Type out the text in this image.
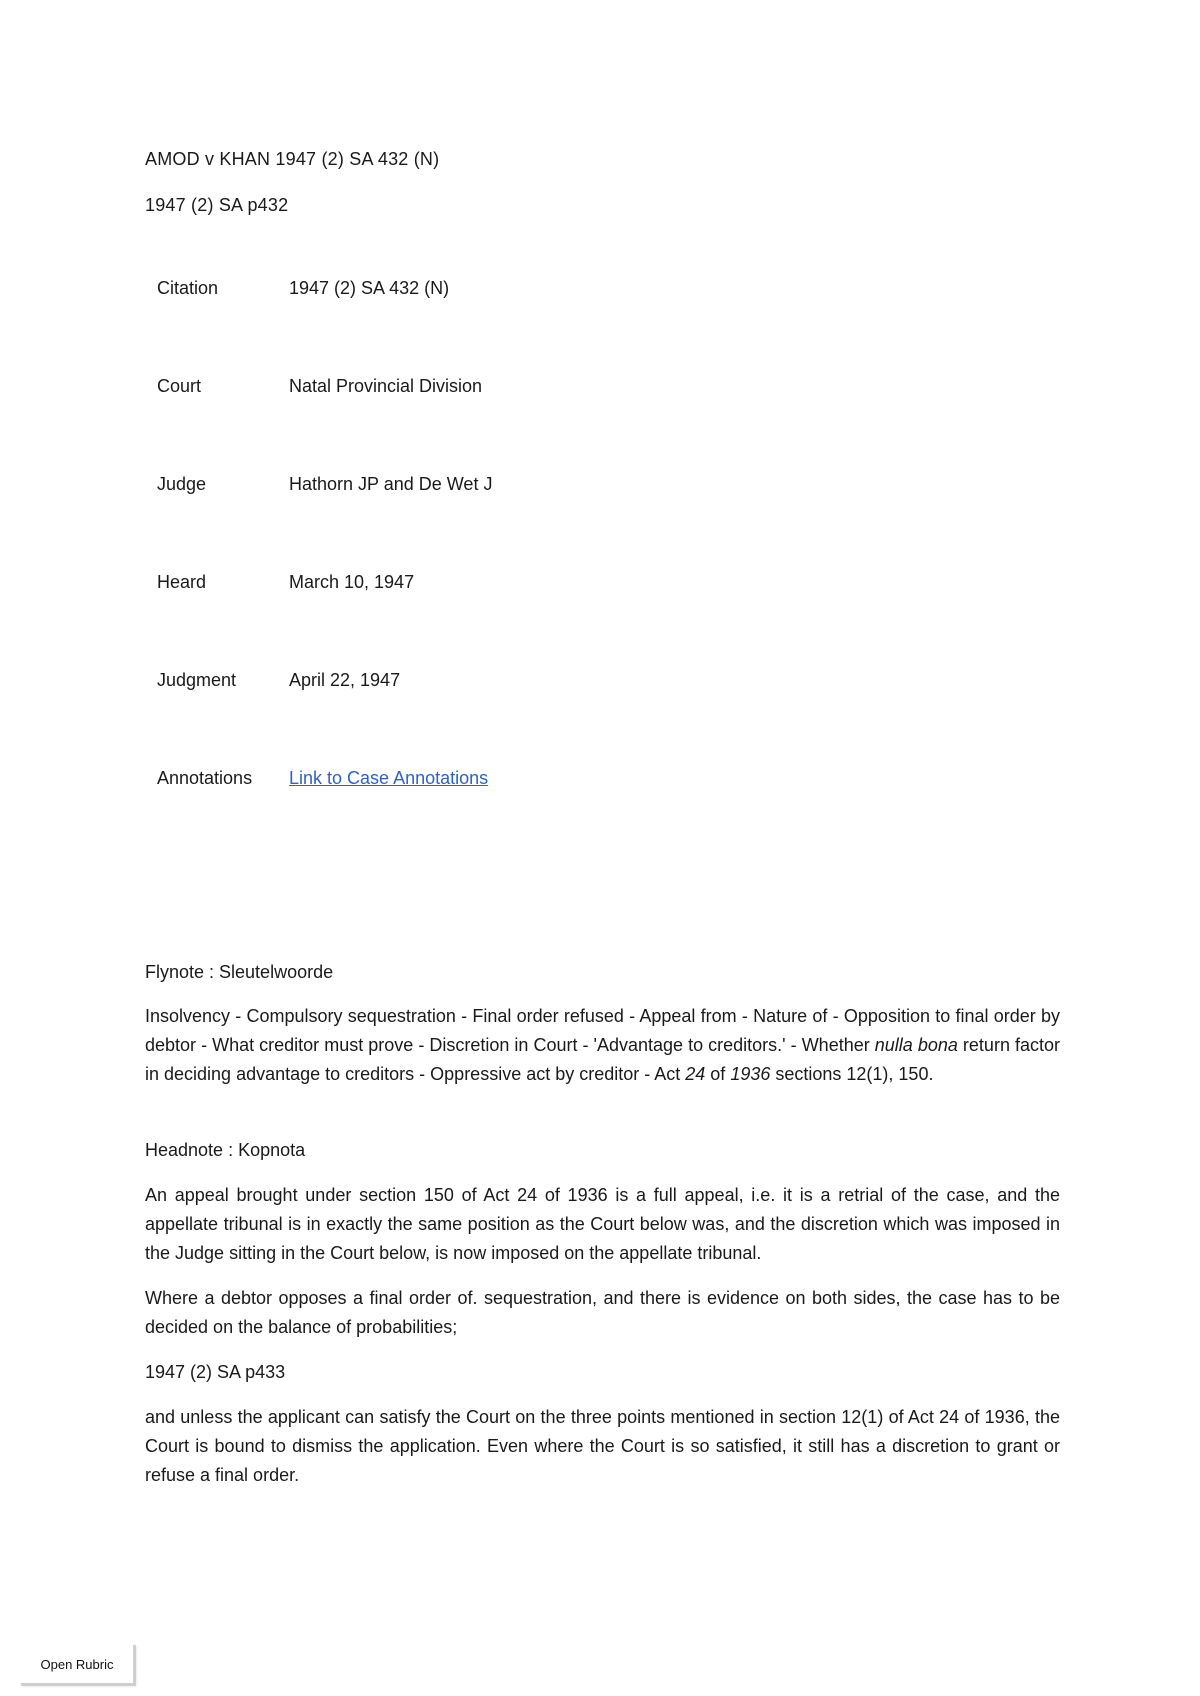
AMOD v KHAN 1947 (2) SA 432 (N)
1947 (2) SA p432
Citation	1947 (2) SA 432 (N)
Court	Natal Provincial Division
Judge	Hathorn JP and De Wet J
Heard	March 10, 1947
Judgment	April 22, 1947
Annotations Link to Case Annotations
Flynote : Sleutelwoorde
Insolvency - Compulsory sequestration - Final order refused - Appeal from - Nature of - Opposition to final order by debtor - What creditor must prove - Discretion in Court - 'Advantage to creditors.' - Whether nulla bona return factor in deciding advantage to creditors - Oppressive act by creditor - Act 24 of 1936 sections 12(1), 150.
Headnote : Kopnota
An appeal brought under section 150 of Act 24 of 1936 is a full appeal, i.e. it is a retrial of the case, and the appellate tribunal is in exactly the same position as the Court below was, and the discretion which was imposed in the Judge sitting in the Court below, is now imposed on the appellate tribunal.
Where a debtor opposes a final order of. sequestration, and there is evidence on both sides, the case has to be decided on the balance of probabilities;
1947 (2) SA p433
and unless the applicant can satisfy the Court on the three points mentioned in section 12(1) of Act 24 of 1936, the Court is bound to dismiss the application. Even where the Court is so satisfied, it still has a discretion to grant or refuse a final order.
Open Rubric
